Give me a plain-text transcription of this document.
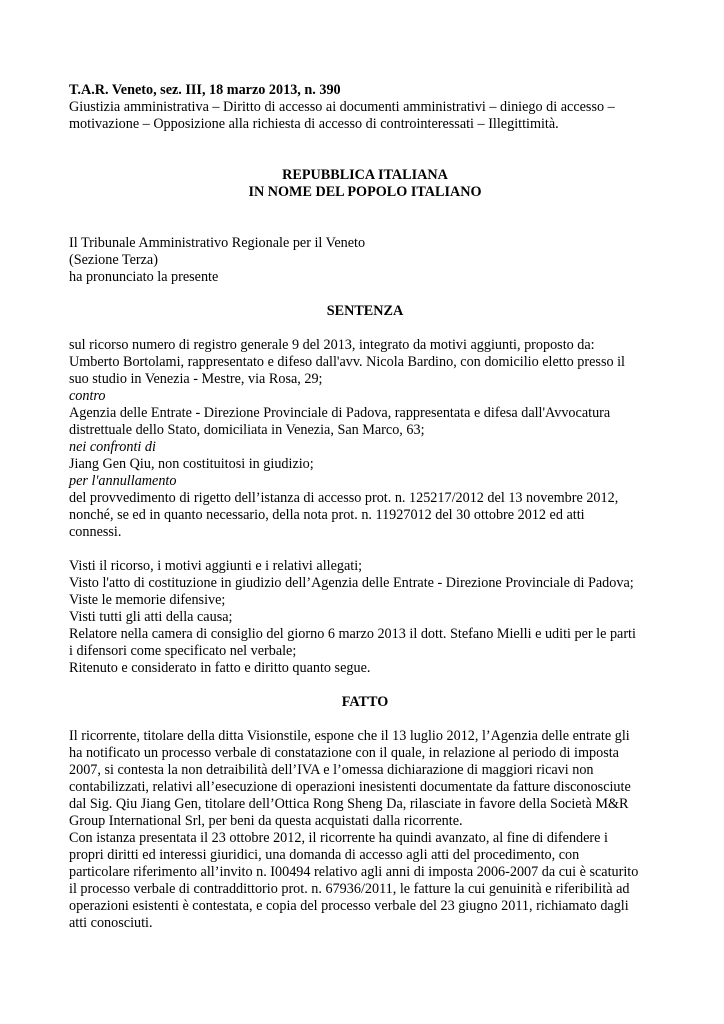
T.A.R. Veneto, sez. III, 18 marzo 2013, n. 390
Giustizia amministrativa – Diritto di accesso ai documenti amministrativi – diniego di accesso –
motivazione – Opposizione alla richiesta di accesso di controinteressati – Illegittimità.
REPUBBLICA ITALIANA
IN NOME DEL POPOLO ITALIANO
Il Tribunale Amministrativo Regionale per il Veneto
(Sezione Terza)
ha pronunciato la presente
SENTENZA
sul ricorso numero di registro generale 9 del 2013, integrato da motivi aggiunti, proposto da:
Umberto Bortolami, rappresentato e difeso dall'avv. Nicola Bardino, con domicilio eletto presso il
suo studio in Venezia - Mestre, via Rosa, 29;
contro
Agenzia delle Entrate - Direzione Provinciale di Padova, rappresentata e difesa dall'Avvocatura
distrettuale dello Stato, domiciliata in Venezia, San Marco, 63;
nei confronti di
Jiang Gen Qiu, non costituitosi in giudizio;
per l'annullamento
del provvedimento di rigetto dell’istanza di accesso prot. n. 125217/2012 del 13 novembre 2012,
nonché, se ed in quanto necessario, della nota prot. n. 11927012 del 30 ottobre 2012 ed atti
connessi.
Visti il ricorso, i motivi aggiunti e i relativi allegati;
Visto l'atto di costituzione in giudizio dell’Agenzia delle Entrate - Direzione Provinciale di Padova;
Viste le memorie difensive;
Visti tutti gli atti della causa;
Relatore nella camera di consiglio del giorno 6 marzo 2013 il dott. Stefano Mielli e uditi per le parti
i difensori come specificato nel verbale;
Ritenuto e considerato in fatto e diritto quanto segue.
FATTO
Il ricorrente, titolare della ditta Visionstile, espone che il 13 luglio 2012, l’Agenzia delle entrate gli
ha notificato un processo verbale di constatazione con il quale, in relazione al periodo di imposta
2007, si contesta la non detraibilità dell’IVA e l’omessa dichiarazione di maggiori ricavi non
contabilizzati, relativi all’esecuzione di operazioni inesistenti documentate da fatture disconosciute
dal Sig. Qiu Jiang Gen, titolare dell’Ottica Rong Sheng Da, rilasciate in favore della Società M&R
Group International Srl, per beni da questa acquistati dalla ricorrente.
Con istanza presentata il 23 ottobre 2012, il ricorrente ha quindi avanzato, al fine di difendere i
propri diritti ed interessi giuridici, una domanda di accesso agli atti del procedimento, con
particolare riferimento all’invito n. I00494 relativo agli anni di imposta 2006-2007 da cui è scaturito
il processo verbale di contraddittorio prot. n. 67936/2011, le fatture la cui genuinità e riferibilità ad
operazioni esistenti è contestata, e copia del processo verbale del 23 giugno 2011, richiamato dagli
atti conosciuti.
